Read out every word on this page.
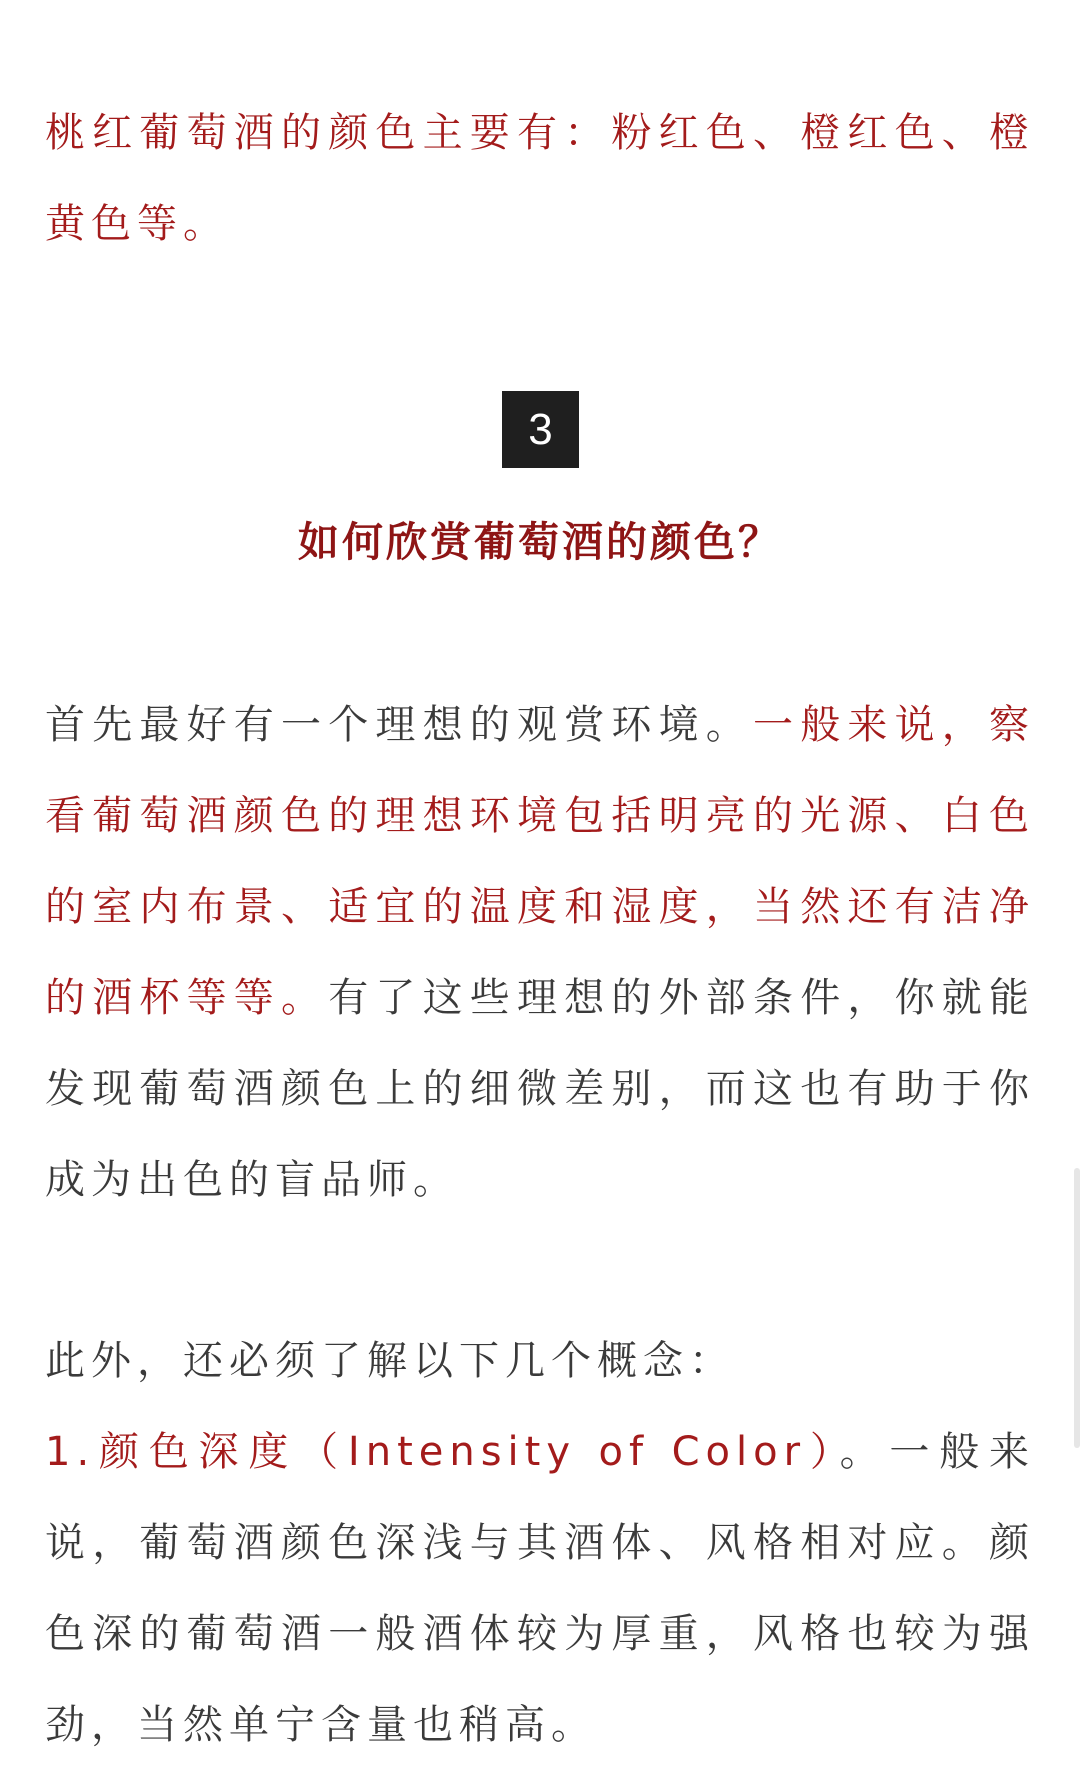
桃红葡萄酒的颜色主要有：粉红色、橙红色、橙黄色等。

3
如何欣赏葡萄酒的颜色？

首先最好有一个理想的观赏环境。一般来说，察看葡萄酒颜色的理想环境包括明亮的光源、白色的室内布景、适宜的温度和湿度，当然还有洁净的酒杯等等。有了这些理想的外部条件，你就能发现葡萄酒颜色上的细微差别，而这也有助于你成为出色的盲品师。

此外，还必须了解以下几个概念：
1.颜色深度（Intensity of Color）。一般来说，葡萄酒颜色深浅与其酒体、风格相对应。颜色深的葡萄酒一般酒体较为厚重，风格也较为强劲，当然单宁含量也稍高。
